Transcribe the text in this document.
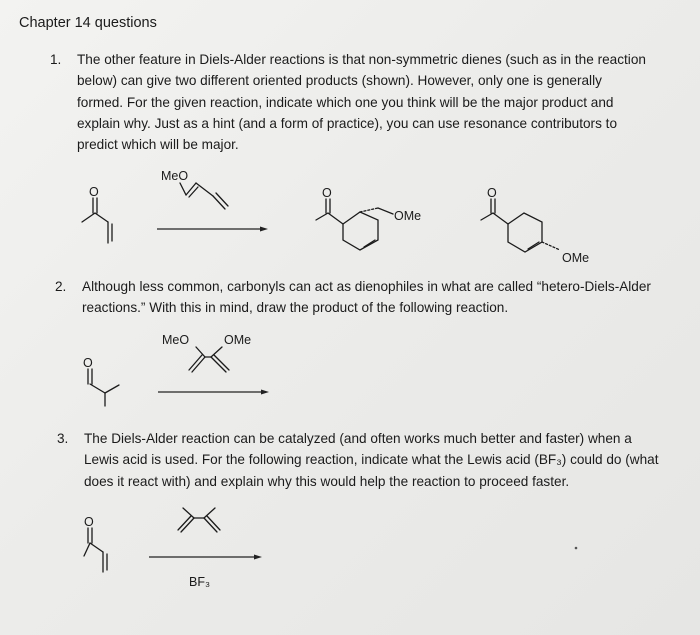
Chapter 14 questions
1. The other feature in Diels-Alder reactions is that non-symmetric dienes (such as in the reaction
below) can give two different oriented products (shown). However, only one is generally
formed. For the given reaction, indicate which one you think will be the major product and
explain why. Just as a hint (and a form of practice), you can use resonance contributors to
predict which will be major.
2. Although less common, carbonyls can act as dienophiles in what are called “hetero-Diels-Alder
reactions.” With this in mind, draw the product of the following reaction.
3. The Diels-Alder reaction can be catalyzed (and often works much better and faster) when a
Lewis acid is used. For the following reaction, indicate what the Lewis acid (BF₃) could do (what
does it react with) and explain why this would help the reaction to proceed faster.
O
MeO
O
OMe
O
OMe
O
MeO	OMe
O
BF₃
